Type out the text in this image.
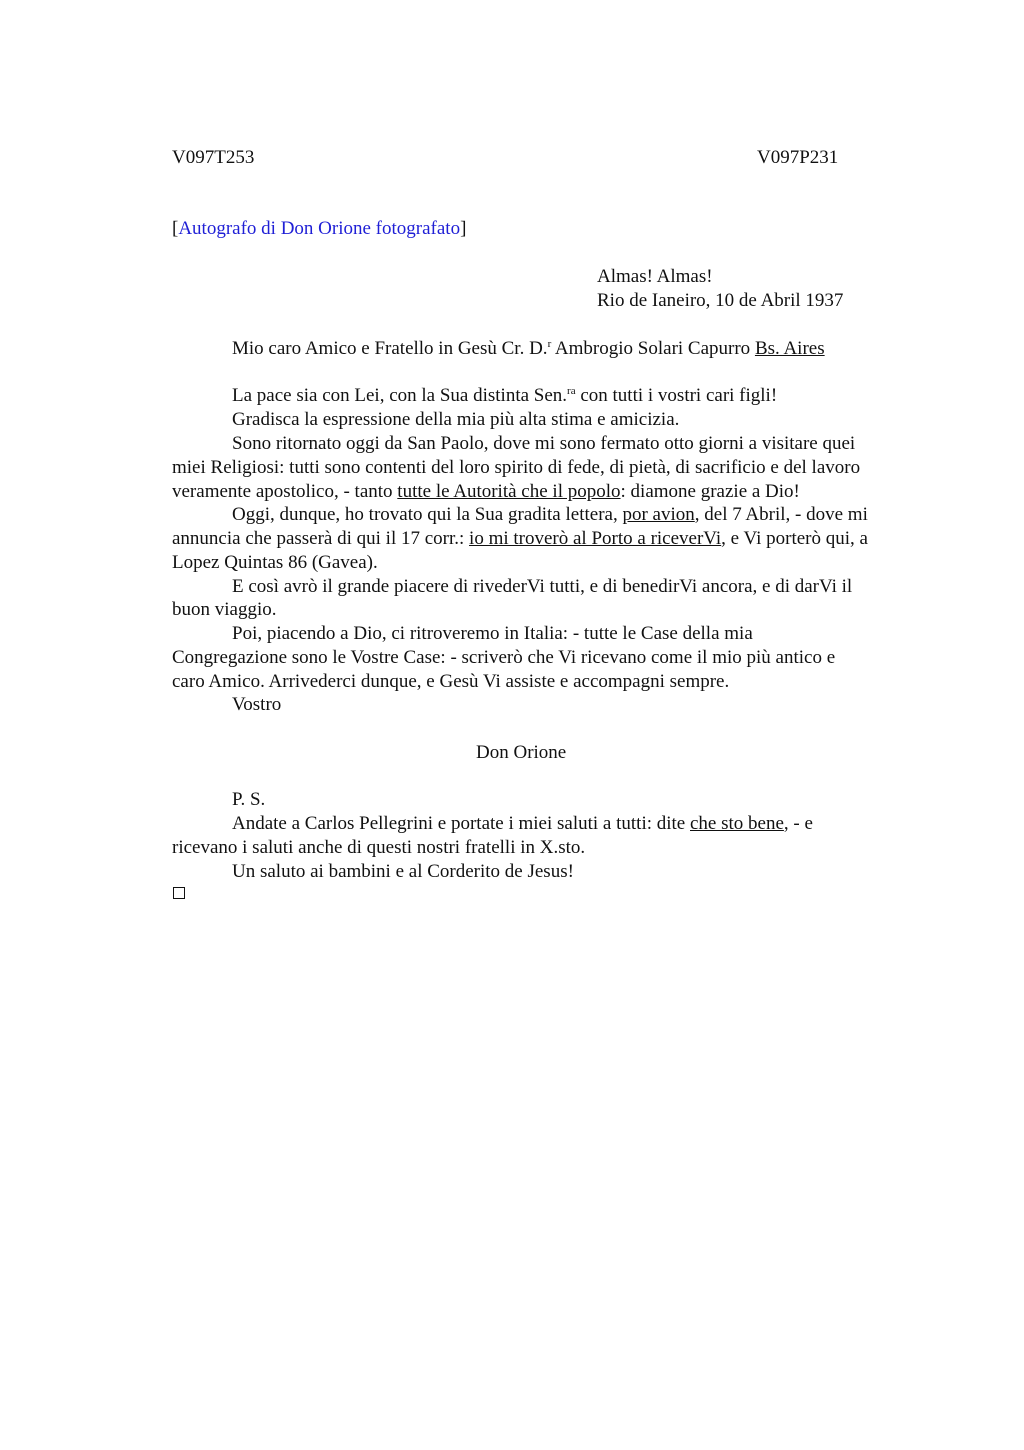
V097T253	V097P231
[Autografo di Don Orione fotografato]
Almas! Almas!
Rio de Ianeiro, 10 de Abril 1937
Mio caro Amico e Fratello in Gesù Cr. D.$^r$ Ambrogio Solari Capurro Bs. Aires
La pace sia con Lei, con la Sua distinta Sen.$^{ra}$ con tutti i vostri cari figli!
Gradisca la espressione della mia più alta stima e amicizia.
Sono ritornato oggi da San Paolo, dove mi sono fermato otto giorni a visitare quei
miei Religiosi: tutti sono contenti del loro spirito di fede, di pietà, di sacrificio e del lavoro
veramente apostolico, - tanto tutte le Autorità che il popolo: diamone grazie a Dio!
Oggi, dunque, ho trovato qui la Sua gradita lettera, por avion, del 7 Abril, - dove mi
annuncia che passerà di qui il 17 corr.: io mi troverò al Porto a riceverVi, e Vi porterò qui, a
Lopez Quintas 86 (Gavea).
E così avrò il grande piacere di rivederVi tutti, e di benedirVi ancora, e di darVi il
buon viaggio.
Poi, piacendo a Dio, ci ritroveremo in Italia: - tutte le Case della mia
Congregazione sono le Vostre Case: - scriverò che Vi ricevano come il mio più antico e
caro Amico. Arrivederci dunque, e Gesù Vi assiste e accompagni sempre.
Vostro
Don Orione
P. S.
Andate a Carlos Pellegrini e portate i miei saluti a tutti: dite che sto bene, - e
ricevano i saluti anche di questi nostri fratelli in X.sto.
Un saluto ai bambini e al Corderito de Jesus!
